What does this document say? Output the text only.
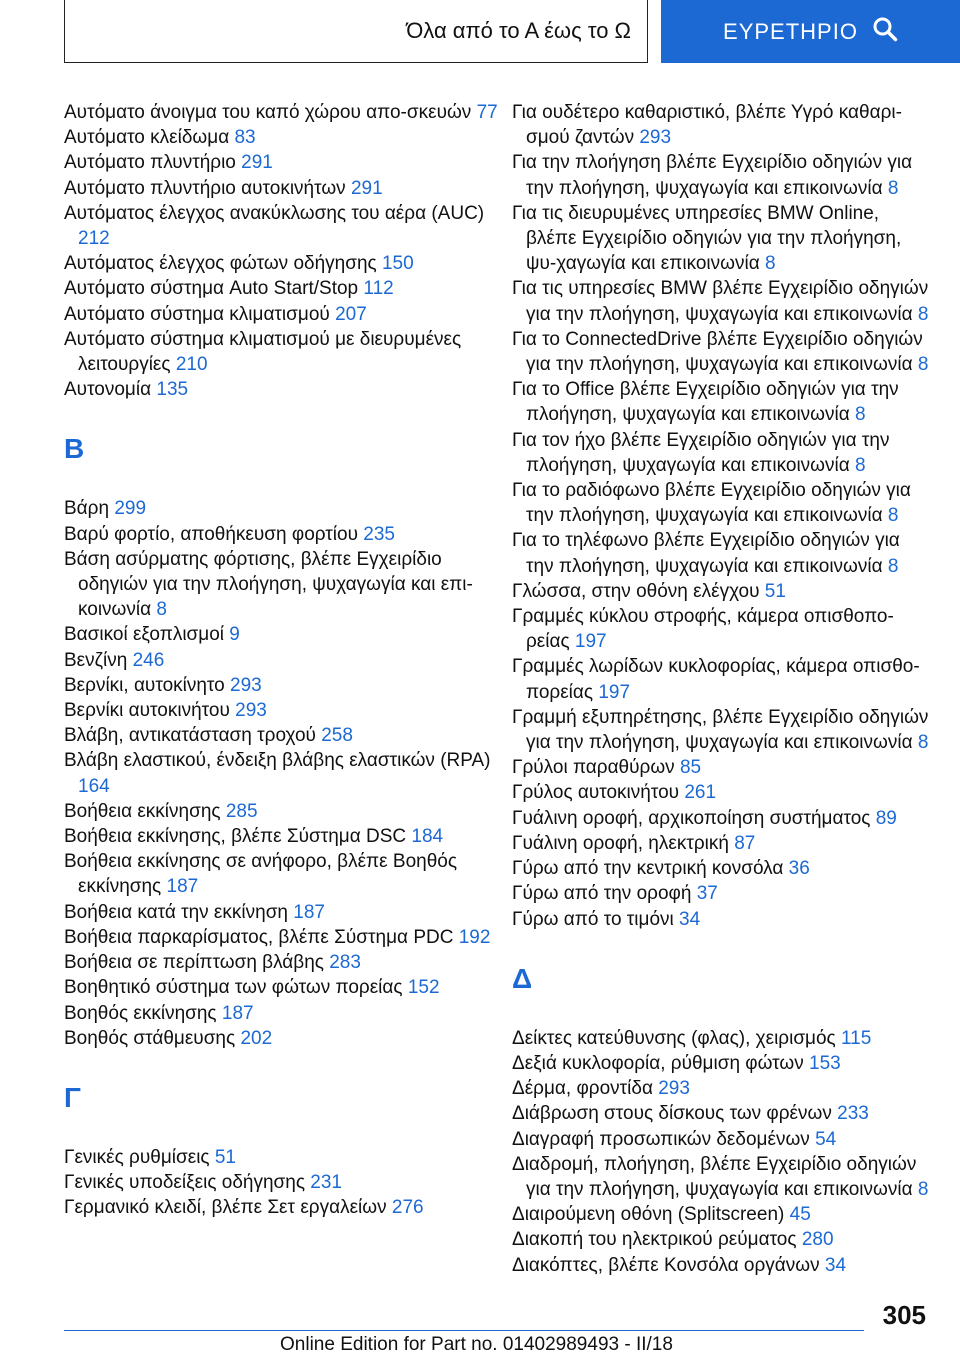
Όλα από το Α έως το Ω	ΕΥΡΕΤΗΡΙΟ
Αυτόματο άνοιγμα του καπό χώρου απο-σκευών 77
Αυτόματο κλείδωμα 83
Αυτόματο πλυντήριο 291
Αυτόματο πλυντήριο αυτοκινήτων 291
Αυτόματος έλεγχος ανακύκλωσης του αέρα (AUC) 212
Αυτόματος έλεγχος φώτων οδήγησης 150
Αυτόματο σύστημα Auto Start/Stop 112
Αυτόματο σύστημα κλιματισμού 207
Αυτόματο σύστημα κλιματισμού με διευρυμένες λειτουργίες 210
Αυτονομία 135
Β
Βάρη 299
Βαρύ φορτίο, αποθήκευση φορτίου 235
Βάση ασύρματης φόρτισης, βλέπε Εγχειρίδιο οδηγιών για την πλοήγηση, ψυχαγωγία και επι-κοινωνία 8
Βασικοί εξοπλισμοί 9
Βενζίνη 246
Βερνίκι, αυτοκίνητο 293
Βερνίκι αυτοκινήτου 293
Βλάβη, αντικατάσταση τροχού 258
Βλάβη ελαστικού, ένδειξη βλάβης ελαστικών (RPA) 164
Βοήθεια εκκίνησης 285
Βοήθεια εκκίνησης, βλέπε Σύστημα DSC 184
Βοήθεια εκκίνησης σε ανήφορο, βλέπε Βοηθός εκκίνησης 187
Βοήθεια κατά την εκκίνηση 187
Βοήθεια παρκαρίσματος, βλέπε Σύστημα PDC 192
Βοήθεια σε περίπτωση βλάβης 283
Βοηθητικό σύστημα των φώτων πορείας 152
Βοηθός εκκίνησης 187
Βοηθός στάθμευσης 202
Γ
Γενικές ρυθμίσεις 51
Γενικές υποδείξεις οδήγησης 231
Γερμανικό κλειδί, βλέπε Σετ εργαλείων 276
Για ουδέτερο καθαριστικό, βλέπε Υγρό καθαρι-σμού ζαντών 293
Για την πλοήγηση βλέπε Εγχειρίδιο οδηγιών για την πλοήγηση, ψυχαγωγία και επικοινωνία 8
Για τις διευρυμένες υπηρεσίες BMW Online, βλέπε Εγχειρίδιο οδηγιών για την πλοήγηση, ψυ-χαγωγία και επικοινωνία 8
Για τις υπηρεσίες BMW βλέπε Εγχειρίδιο οδηγιών για την πλοήγηση, ψυχαγωγία και επικοινωνία 8
Για το ConnectedDrive βλέπε Εγχειρίδιο οδηγιών για την πλοήγηση, ψυχαγωγία και επικοινωνία 8
Για το Office βλέπε Εγχειρίδιο οδηγιών για την πλοήγηση, ψυχαγωγία και επικοινωνία 8
Για τον ήχο βλέπε Εγχειρίδιο οδηγιών για την πλοήγηση, ψυχαγωγία και επικοινωνία 8
Για το ραδιόφωνο βλέπε Εγχειρίδιο οδηγιών για την πλοήγηση, ψυχαγωγία και επικοινωνία 8
Για το τηλέφωνο βλέπε Εγχειρίδιο οδηγιών για την πλοήγηση, ψυχαγωγία και επικοινωνία 8
Γλώσσα, στην οθόνη ελέγχου 51
Γραμμές κύκλου στροφής, κάμερα οπισθοπο-ρείας 197
Γραμμές λωρίδων κυκλοφορίας, κάμερα οπισθο-πορείας 197
Γραμμή εξυπηρέτησης, βλέπε Εγχειρίδιο οδηγιών για την πλοήγηση, ψυχαγωγία και επικοινωνία 8
Γρύλοι παραθύρων 85
Γρύλος αυτοκινήτου 261
Γυάλινη οροφή, αρχικοποίηση συστήματος 89
Γυάλινη οροφή, ηλεκτρική 87
Γύρω από την κεντρική κονσόλα 36
Γύρω από την οροφή 37
Γύρω από το τιμόνι 34
Δ
Δείκτες κατεύθυνσης (φλας), χειρισμός 115
Δεξιά κυκλοφορία, ρύθμιση φώτων 153
Δέρμα, φροντίδα 293
Διάβρωση στους δίσκους των φρένων 233
Διαγραφή προσωπικών δεδομένων 54
Διαδρομή, πλοήγηση, βλέπε Εγχειρίδιο οδηγιών για την πλοήγηση, ψυχαγωγία και επικοινωνία 8
Διαιρούμενη οθόνη (Splitscreen) 45
Διακοπή του ηλεκτρικού ρεύματος 280
Διακόπτες, βλέπε Κονσόλα οργάνων 34
305
Online Edition for Part no. 01402989493 - II/18
